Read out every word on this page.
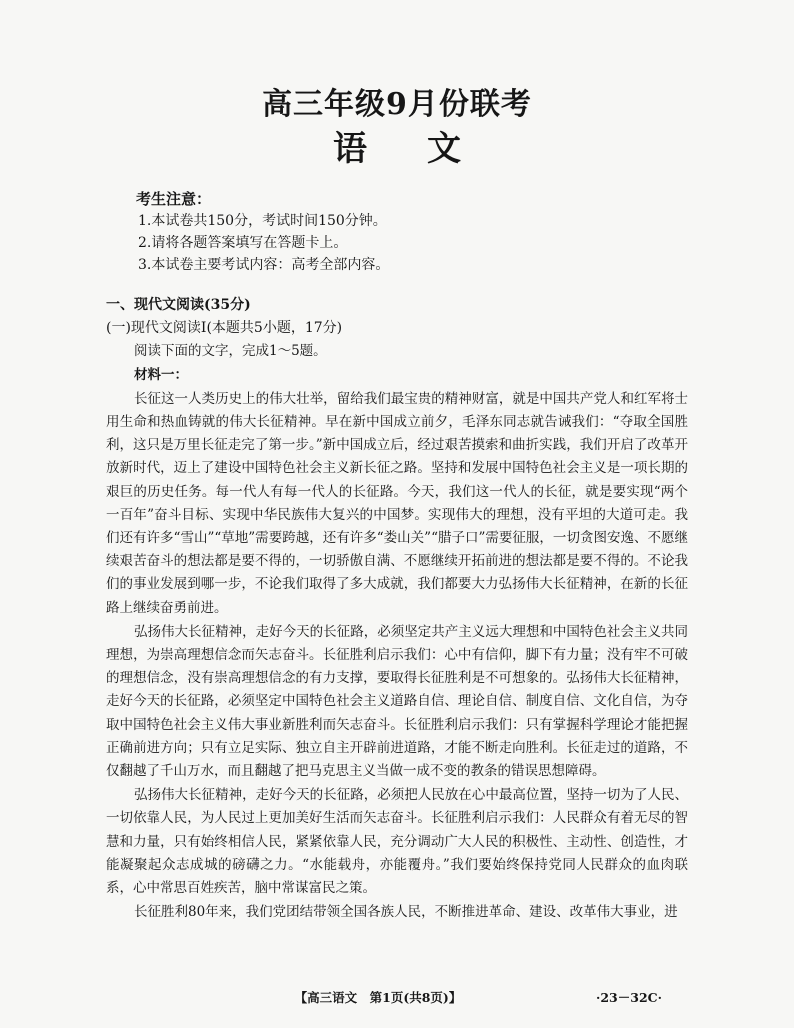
高三年级9月份联考
语 文
考生注意：
1.本试卷共150分，考试时间150分钟。
2.请将各题答案填写在答题卡上。
3.本试卷主要考试内容：高考全部内容。
一、现代文阅读(35分)
(一)现代文阅读Ⅰ(本题共5小题，17分)
阅读下面的文字，完成1～5题。
材料一：

长征这一人类历史上的伟大壮举，留给我们最宝贵的精神财富，就是中国共产党人和红军将士用生命和热血铸就的伟大长征精神。早在新中国成立前夕，毛泽东同志就告诫我们：“夺取全国胜利，这只是万里长征走完了第一步。”新中国成立后，经过艰苦摸索和曲折实践，我们开启了改革开放新时代，迈上了建设中国特色社会主义新长征之路。坚持和发展中国特色社会主义是一项长期的艰巨的历史任务。每一代人有每一代人的长征路。今天，我们这一代人的长征，就是要实现“两个一百年”奋斗目标、实现中华民族伟大复兴的中国梦。实现伟大的理想，没有平坦的大道可走。我们还有许多“雪山”“草地”需要跨越，还有许多“娄山关”“腊子口”需要征服，一切贪图安逸、不愿继续艰苦奋斗的想法都是要不得的，一切骄傲自满、不愿继续开拓前进的想法都是要不得的。不论我们的事业发展到哪一步，不论我们取得了多大成就，我们都要大力弘扬伟大长征精神，在新的长征路上继续奋勇前进。

弘扬伟大长征精神，走好今天的长征路，必须坚定共产主义远大理想和中国特色社会主义共同理想，为崇高理想信念而矢志奋斗。长征胜利启示我们：心中有信仰，脚下有力量；没有牢不可破的理想信念，没有崇高理想信念的有力支撑，要取得长征胜利是不可想象的。弘扬伟大长征精神，走好今天的长征路，必须坚定中国特色社会主义道路自信、理论自信、制度自信、文化自信，为夺取中国特色社会主义伟大事业新胜利而矢志奋斗。长征胜利启示我们：只有掌握科学理论才能把握正确前进方向；只有立足实际、独立自主开辟前进道路，才能不断走向胜利。长征走过的道路，不仅翻越了千山万水，而且翻越了把马克思主义当做一成不变的教条的错误思想障碍。

弘扬伟大长征精神，走好今天的长征路，必须把人民放在心中最高位置，坚持一切为了人民、一切依靠人民，为人民过上更加美好生活而矢志奋斗。长征胜利启示我们：人民群众有着无尽的智慧和力量，只有始终相信人民，紧紧依靠人民，充分调动广大人民的积极性、主动性、创造性，才能凝聚起众志成城的磅礴之力。“水能载舟，亦能覆舟。”我们要始终保持党同人民群众的血肉联系，心中常思百姓疾苦，脑中常谋富民之策。

长征胜利80年来，我们党团结带领全国各族人民，不断推进革命、建设、改革伟大事业，进

【高三语文　第1页(共8页)】	·23－32C·
